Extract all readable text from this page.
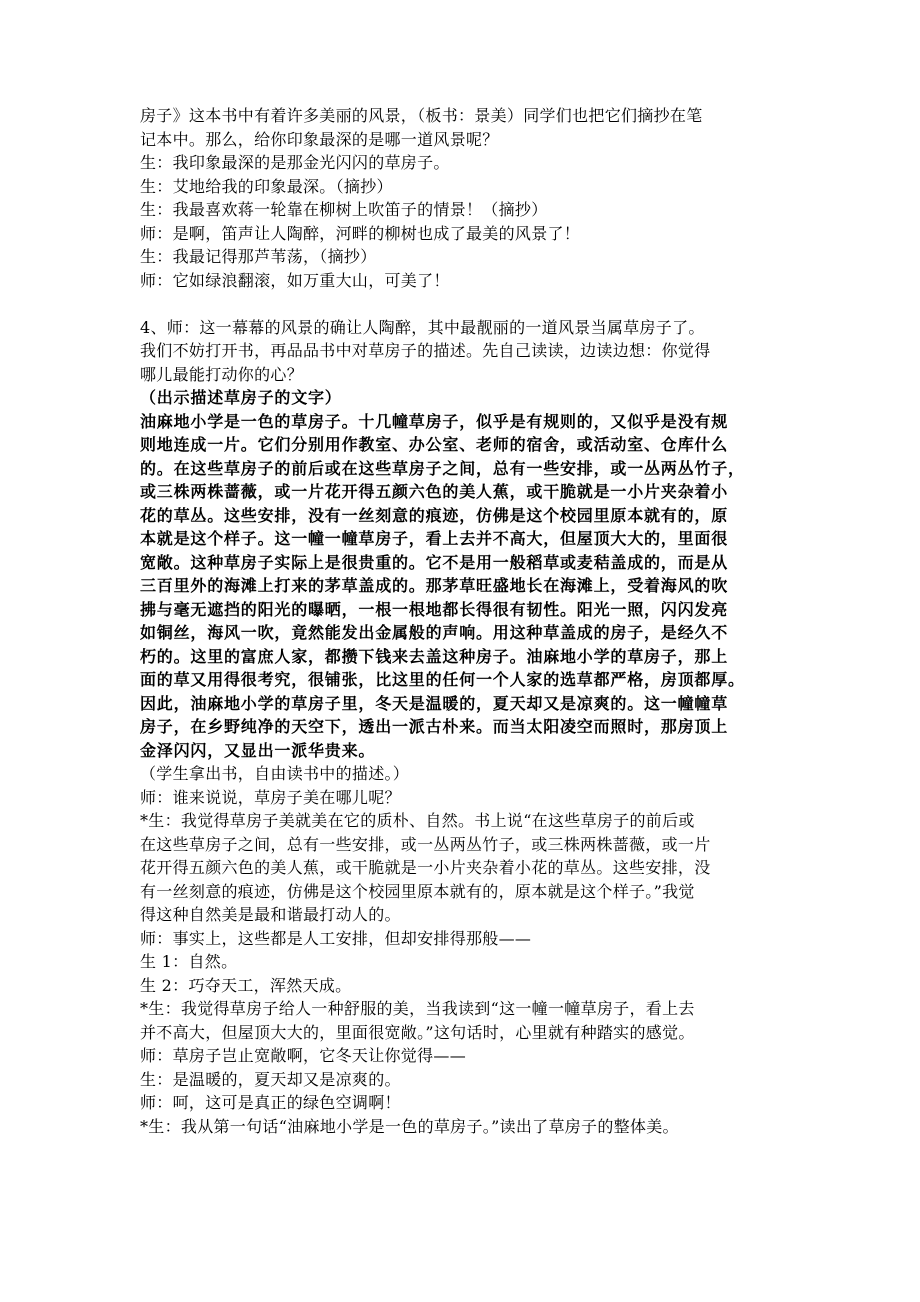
房子》这本书中有着许多美丽的风景，（板书：景美）同学们也把它们摘抄在笔
记本中。那么，给你印象最深的是哪一道风景呢？
生：我印象最深的是那金光闪闪的草房子。
生：艾地给我的印象最深。（摘抄）
生：我最喜欢蒋一轮靠在柳树上吹笛子的情景！（摘抄）
师：是啊，笛声让人陶醉，河畔的柳树也成了最美的风景了！
生：我最记得那芦苇荡，（摘抄）
师：它如绿浪翻滚，如万重大山，可美了！
4、师：这一幕幕的风景的确让人陶醉，其中最靓丽的一道风景当属草房子了。
我们不妨打开书，再品品书中对草房子的描述。先自己读读，边读边想：你觉得
哪儿最能打动你的心？
（出示描述草房子的文字）
油麻地小学是一色的草房子。十几幢草房子，似乎是有规则的，又似乎是没有规
则地连成一片。它们分别用作教室、办公室、老师的宿舍，或活动室、仓库什么
的。在这些草房子的前后或在这些草房子之间，总有一些安排，或一丛两丛竹子，
或三株两株蔷薇，或一片花开得五颜六色的美人蕉，或干脆就是一小片夹杂着小
花的草丛。这些安排，没有一丝刻意的痕迹，仿佛是这个校园里原本就有的，原
本就是这个样子。这一幢一幢草房子，看上去并不高大，但屋顶大大的，里面很
宽敞。这种草房子实际上是很贵重的。它不是用一般稻草或麦秸盖成的，而是从
三百里外的海滩上打来的茅草盖成的。那茅草旺盛地长在海滩上，受着海风的吹
拂与毫无遮挡的阳光的曝晒，一根一根地都长得很有韧性。阳光一照，闪闪发亮
如铜丝，海风一吹，竟然能发出金属般的声响。用这种草盖成的房子，是经久不
朽的。这里的富庶人家，都攒下钱来去盖这种房子。油麻地小学的草房子，那上
面的草又用得很考究，很铺张，比这里的任何一个人家的选草都严格，房顶都厚。
因此，油麻地小学的草房子里，冬天是温暖的，夏天却又是凉爽的。这一幢幢草
房子，在乡野纯净的天空下，透出一派古朴来。而当太阳凌空而照时，那房顶上
金泽闪闪，又显出一派华贵来。
（学生拿出书，自由读书中的描述。）
师：谁来说说，草房子美在哪儿呢？
*生：我觉得草房子美就美在它的质朴、自然。书上说“在这些草房子的前后或
在这些草房子之间，总有一些安排，或一丛两丛竹子，或三株两株蔷薇，或一片
花开得五颜六色的美人蕉，或干脆就是一小片夹杂着小花的草丛。这些安排，没
有一丝刻意的痕迹，仿佛是这个校园里原本就有的，原本就是这个样子。”我觉
得这种自然美是最和谐最打动人的。
师：事实上，这些都是人工安排，但却安排得那般——
生 1：自然。
生 2：巧夺天工，浑然天成。
*生：我觉得草房子给人一种舒服的美，当我读到“这一幢一幢草房子，看上去
并不高大，但屋顶大大的，里面很宽敞。”这句话时，心里就有种踏实的感觉。
师：草房子岂止宽敞啊，它冬天让你觉得——
生：是温暖的，夏天却又是凉爽的。
师：呵，这可是真正的绿色空调啊！
*生：我从第一句话“油麻地小学是一色的草房子。”读出了草房子的整体美。
